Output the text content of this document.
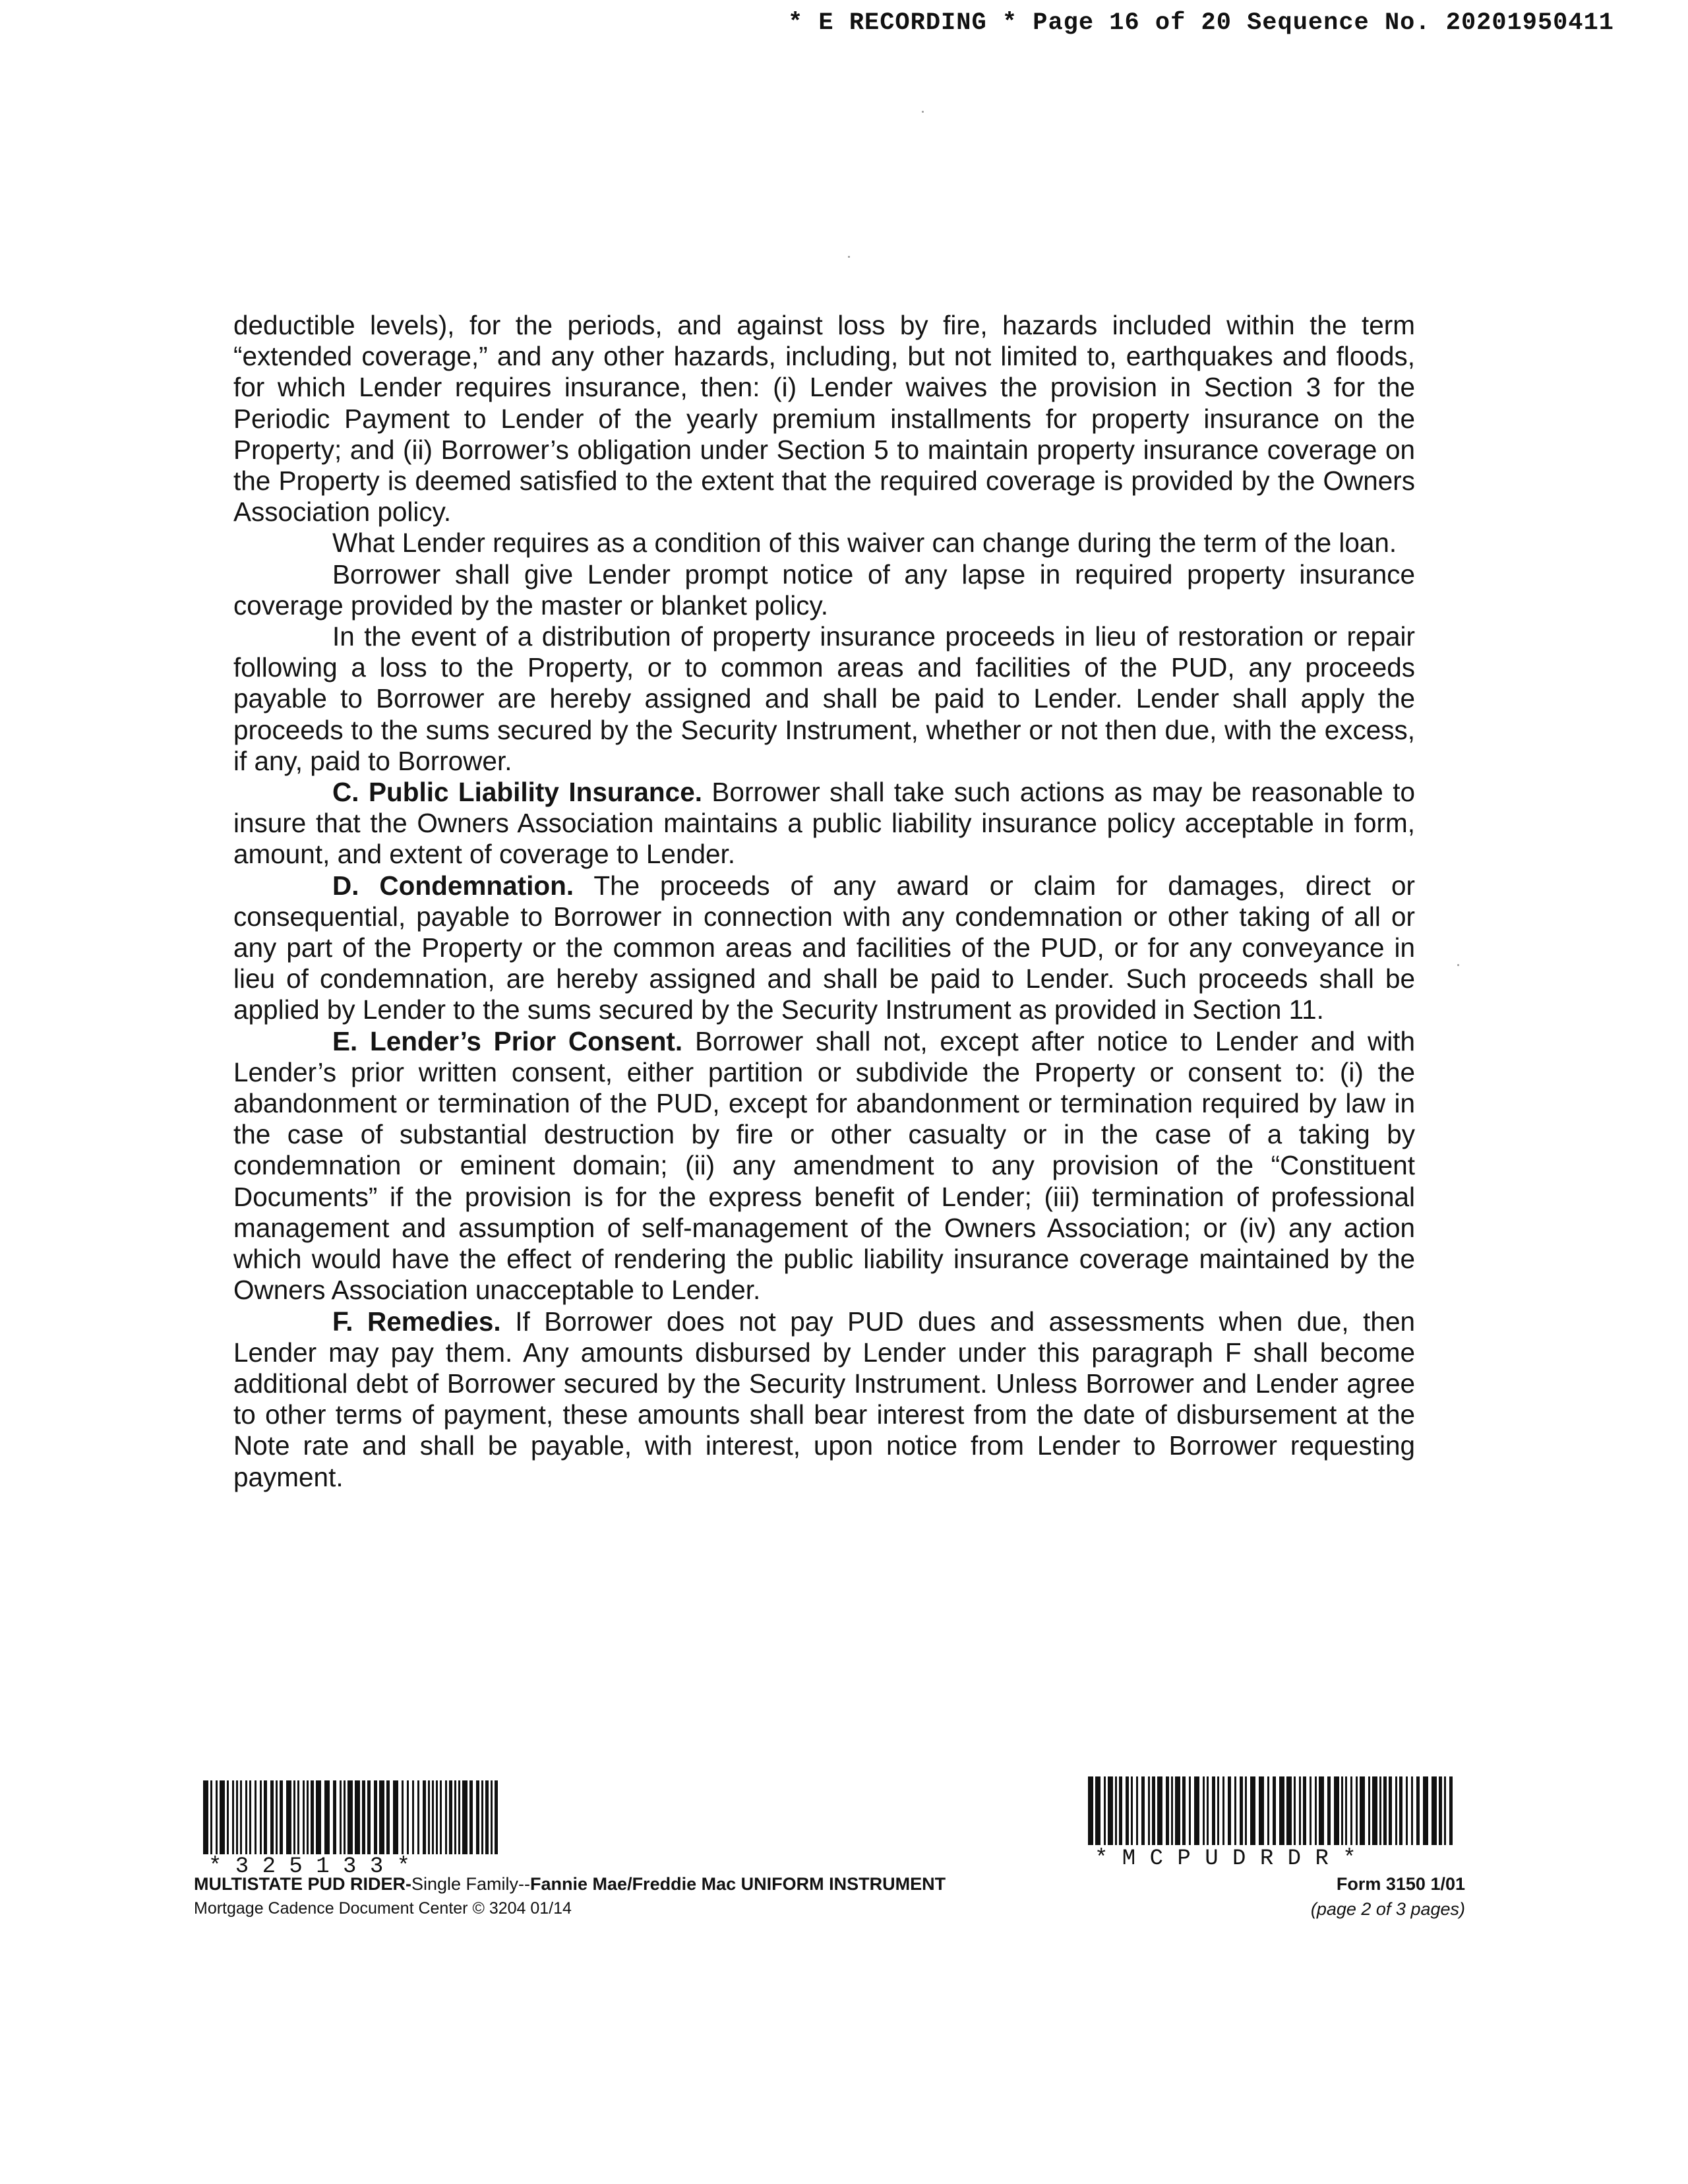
* E RECORDING * Page 16 of 20 Sequence No. 20201950411

deductible levels), for the periods, and against loss by fire, hazards included within the term “extended coverage,” and any other hazards, including, but not limited to, earthquakes and floods, for which Lender requires insurance, then: (i) Lender waives the provision in Section 3 for the Periodic Payment to Lender of the yearly premium installments for property insurance on the Property; and (ii) Borrower’s obligation under Section 5 to maintain property insurance coverage on the Property is deemed satisfied to the extent that the required coverage is provided by the Owners Association policy.

What Lender requires as a condition of this waiver can change during the term of the loan.

Borrower shall give Lender prompt notice of any lapse in required property insurance coverage provided by the master or blanket policy.

In the event of a distribution of property insurance proceeds in lieu of restoration or repair following a loss to the Property, or to common areas and facilities of the PUD, any proceeds payable to Borrower are hereby assigned and shall be paid to Lender. Lender shall apply the proceeds to the sums secured by the Security Instrument, whether or not then due, with the excess, if any, paid to Borrower.

C. Public Liability Insurance. Borrower shall take such actions as may be reasonable to insure that the Owners Association maintains a public liability insurance policy acceptable in form, amount, and extent of coverage to Lender.

D. Condemnation. The proceeds of any award or claim for damages, direct or consequential, payable to Borrower in connection with any condemnation or other taking of all or any part of the Property or the common areas and facilities of the PUD, or for any conveyance in lieu of condemnation, are hereby assigned and shall be paid to Lender. Such proceeds shall be applied by Lender to the sums secured by the Security Instrument as provided in Section 11.

E. Lender’s Prior Consent. Borrower shall not, except after notice to Lender and with Lender’s prior written consent, either partition or subdivide the Property or consent to: (i) the abandonment or termination of the PUD, except for abandonment or termination required by law in the case of substantial destruction by fire or other casualty or in the case of a taking by condemnation or eminent domain; (ii) any amendment to any provision of the “Constituent Documents” if the provision is for the express benefit of Lender; (iii) termination of professional management and assumption of self-management of the Owners Association; or (iv) any action which would have the effect of rendering the public liability insurance coverage maintained by the Owners Association unacceptable to Lender.

F. Remedies. If Borrower does not pay PUD dues and assessments when due, then Lender may pay them. Any amounts disbursed by Lender under this paragraph F shall become additional debt of Borrower secured by the Security Instrument. Unless Borrower and Lender agree to other terms of payment, these amounts shall bear interest from the date of disbursement at the Note rate and shall be payable, with interest, upon notice from Lender to Borrower requesting payment.

* 3 2 5 1 3 3 *	* M C P U D R D R *
MULTISTATE PUD RIDER-Single Family--Fannie Mae/Freddie Mac UNIFORM INSTRUMENT
Mortgage Cadence Document Center © 3204 01/14
Form 3150 1/01
(page 2 of 3 pages)
